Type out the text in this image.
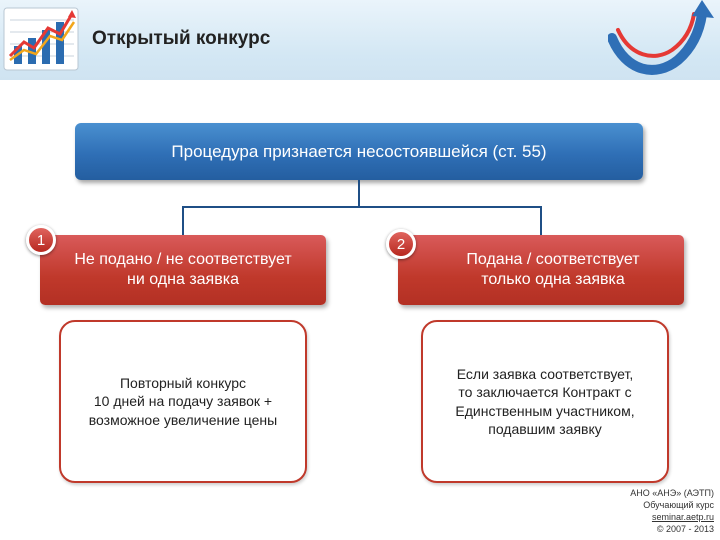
Открытый конкурс
Процедура признается несостоявшейся (ст. 55)
Не подано / не соответствует
ни одна заявка
1
Подана / соответствует
только одна заявка
2
Повторный конкурс
10 дней на подачу заявок +
возможное увеличение цены
Если заявка соответствует,
то заключается Контракт с
Единственным участником,
подавшим заявку
АНО «АНЭ» (АЭТП)
Обучающий курс
seminar.aetp.ru
© 2007 - 2013
